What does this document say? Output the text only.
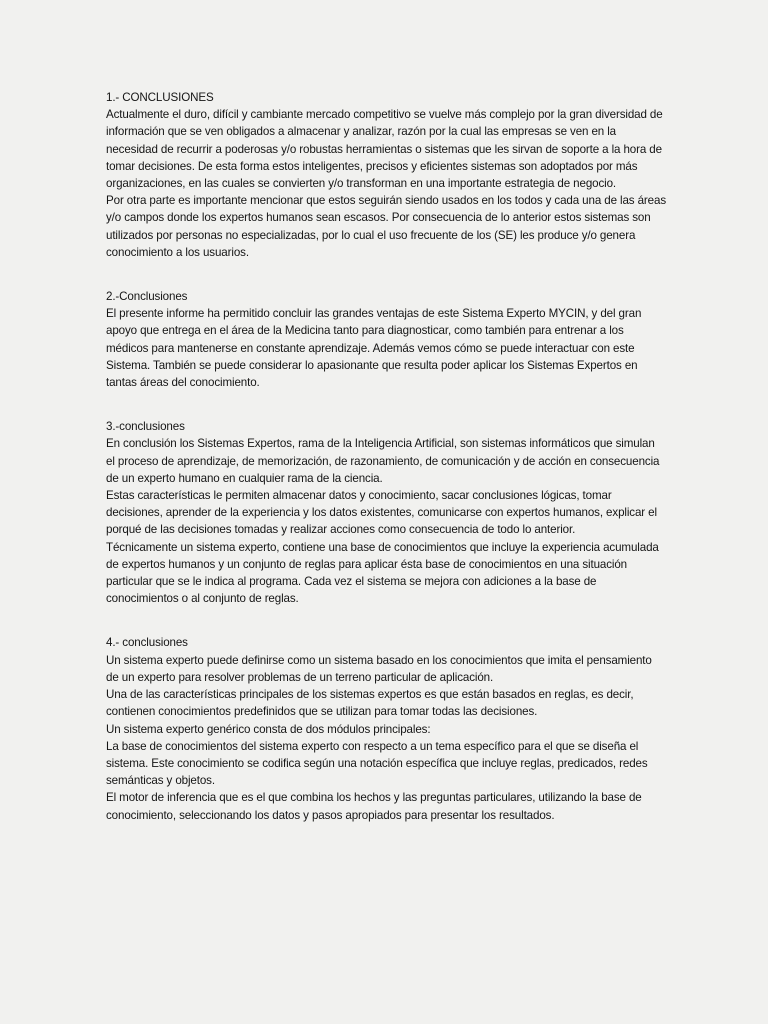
1.- CONCLUSIONES

Actualmente el duro, difícil y cambiante mercado competitivo se vuelve más complejo por la gran diversidad de información que se ven obligados a almacenar y analizar, razón por la cual las empresas se ven en la necesidad de recurrir a poderosas y/o robustas herramientas o sistemas que les sirvan de soporte a la hora de tomar decisiones. De esta forma estos inteligentes, precisos y eficientes sistemas son adoptados por más organizaciones, en las cuales se convierten y/o transforman en una importante estrategia de negocio.

Por otra parte es importante mencionar que estos seguirán siendo usados en los todos y cada una de las áreas y/o campos donde los expertos humanos sean escasos. Por consecuencia de lo anterior estos sistemas son utilizados por personas no especializadas, por lo cual el uso frecuente de los (SE) les produce y/o genera conocimiento a los usuarios.

2.-Conclusiones

El presente informe ha permitido concluir las grandes ventajas de este Sistema Experto MYCIN, y del gran apoyo que entrega en el área de la Medicina tanto para diagnosticar, como también para entrenar a los médicos para mantenerse en constante aprendizaje. Además vemos cómo se puede interactuar con este Sistema. También se puede considerar lo apasionante que resulta poder aplicar los Sistemas Expertos en tantas áreas del conocimiento.

3.-conclusiones

En conclusión los Sistemas Expertos, rama de la Inteligencia Artificial, son sistemas informáticos que simulan el proceso de aprendizaje, de memorización, de razonamiento, de comunicación y de acción en consecuencia de un experto humano en cualquier rama de la ciencia.

Estas características le permiten almacenar datos y conocimiento, sacar conclusiones lógicas, tomar decisiones, aprender de la experiencia y los datos existentes, comunicarse con expertos humanos, explicar el porqué de las decisiones tomadas y realizar acciones como consecuencia de todo lo anterior.

Técnicamente un sistema experto, contiene una base de conocimientos que incluye la experiencia acumulada de expertos humanos y un conjunto de reglas para aplicar ésta base de conocimientos en una situación particular que se le indica al programa. Cada vez el sistema se mejora con adiciones a la base de conocimientos o al conjunto de reglas.

4.- conclusiones

Un sistema experto puede definirse como un sistema basado en los conocimientos que imita el pensamiento de un experto para resolver problemas de un terreno particular de aplicación.

Una de las características principales de los sistemas expertos es que están basados en reglas, es decir, contienen conocimientos predefinidos que se utilizan para tomar todas las decisiones.

Un sistema experto genérico consta de dos módulos principales:

La base de conocimientos del sistema experto con respecto a un tema específico para el que se diseña el sistema. Este conocimiento se codifica según una notación específica que incluye reglas, predicados, redes semánticas y objetos.

El motor de inferencia que es el que combina los hechos y las preguntas particulares, utilizando la base de conocimiento, seleccionando los datos y pasos apropiados para presentar los resultados.
